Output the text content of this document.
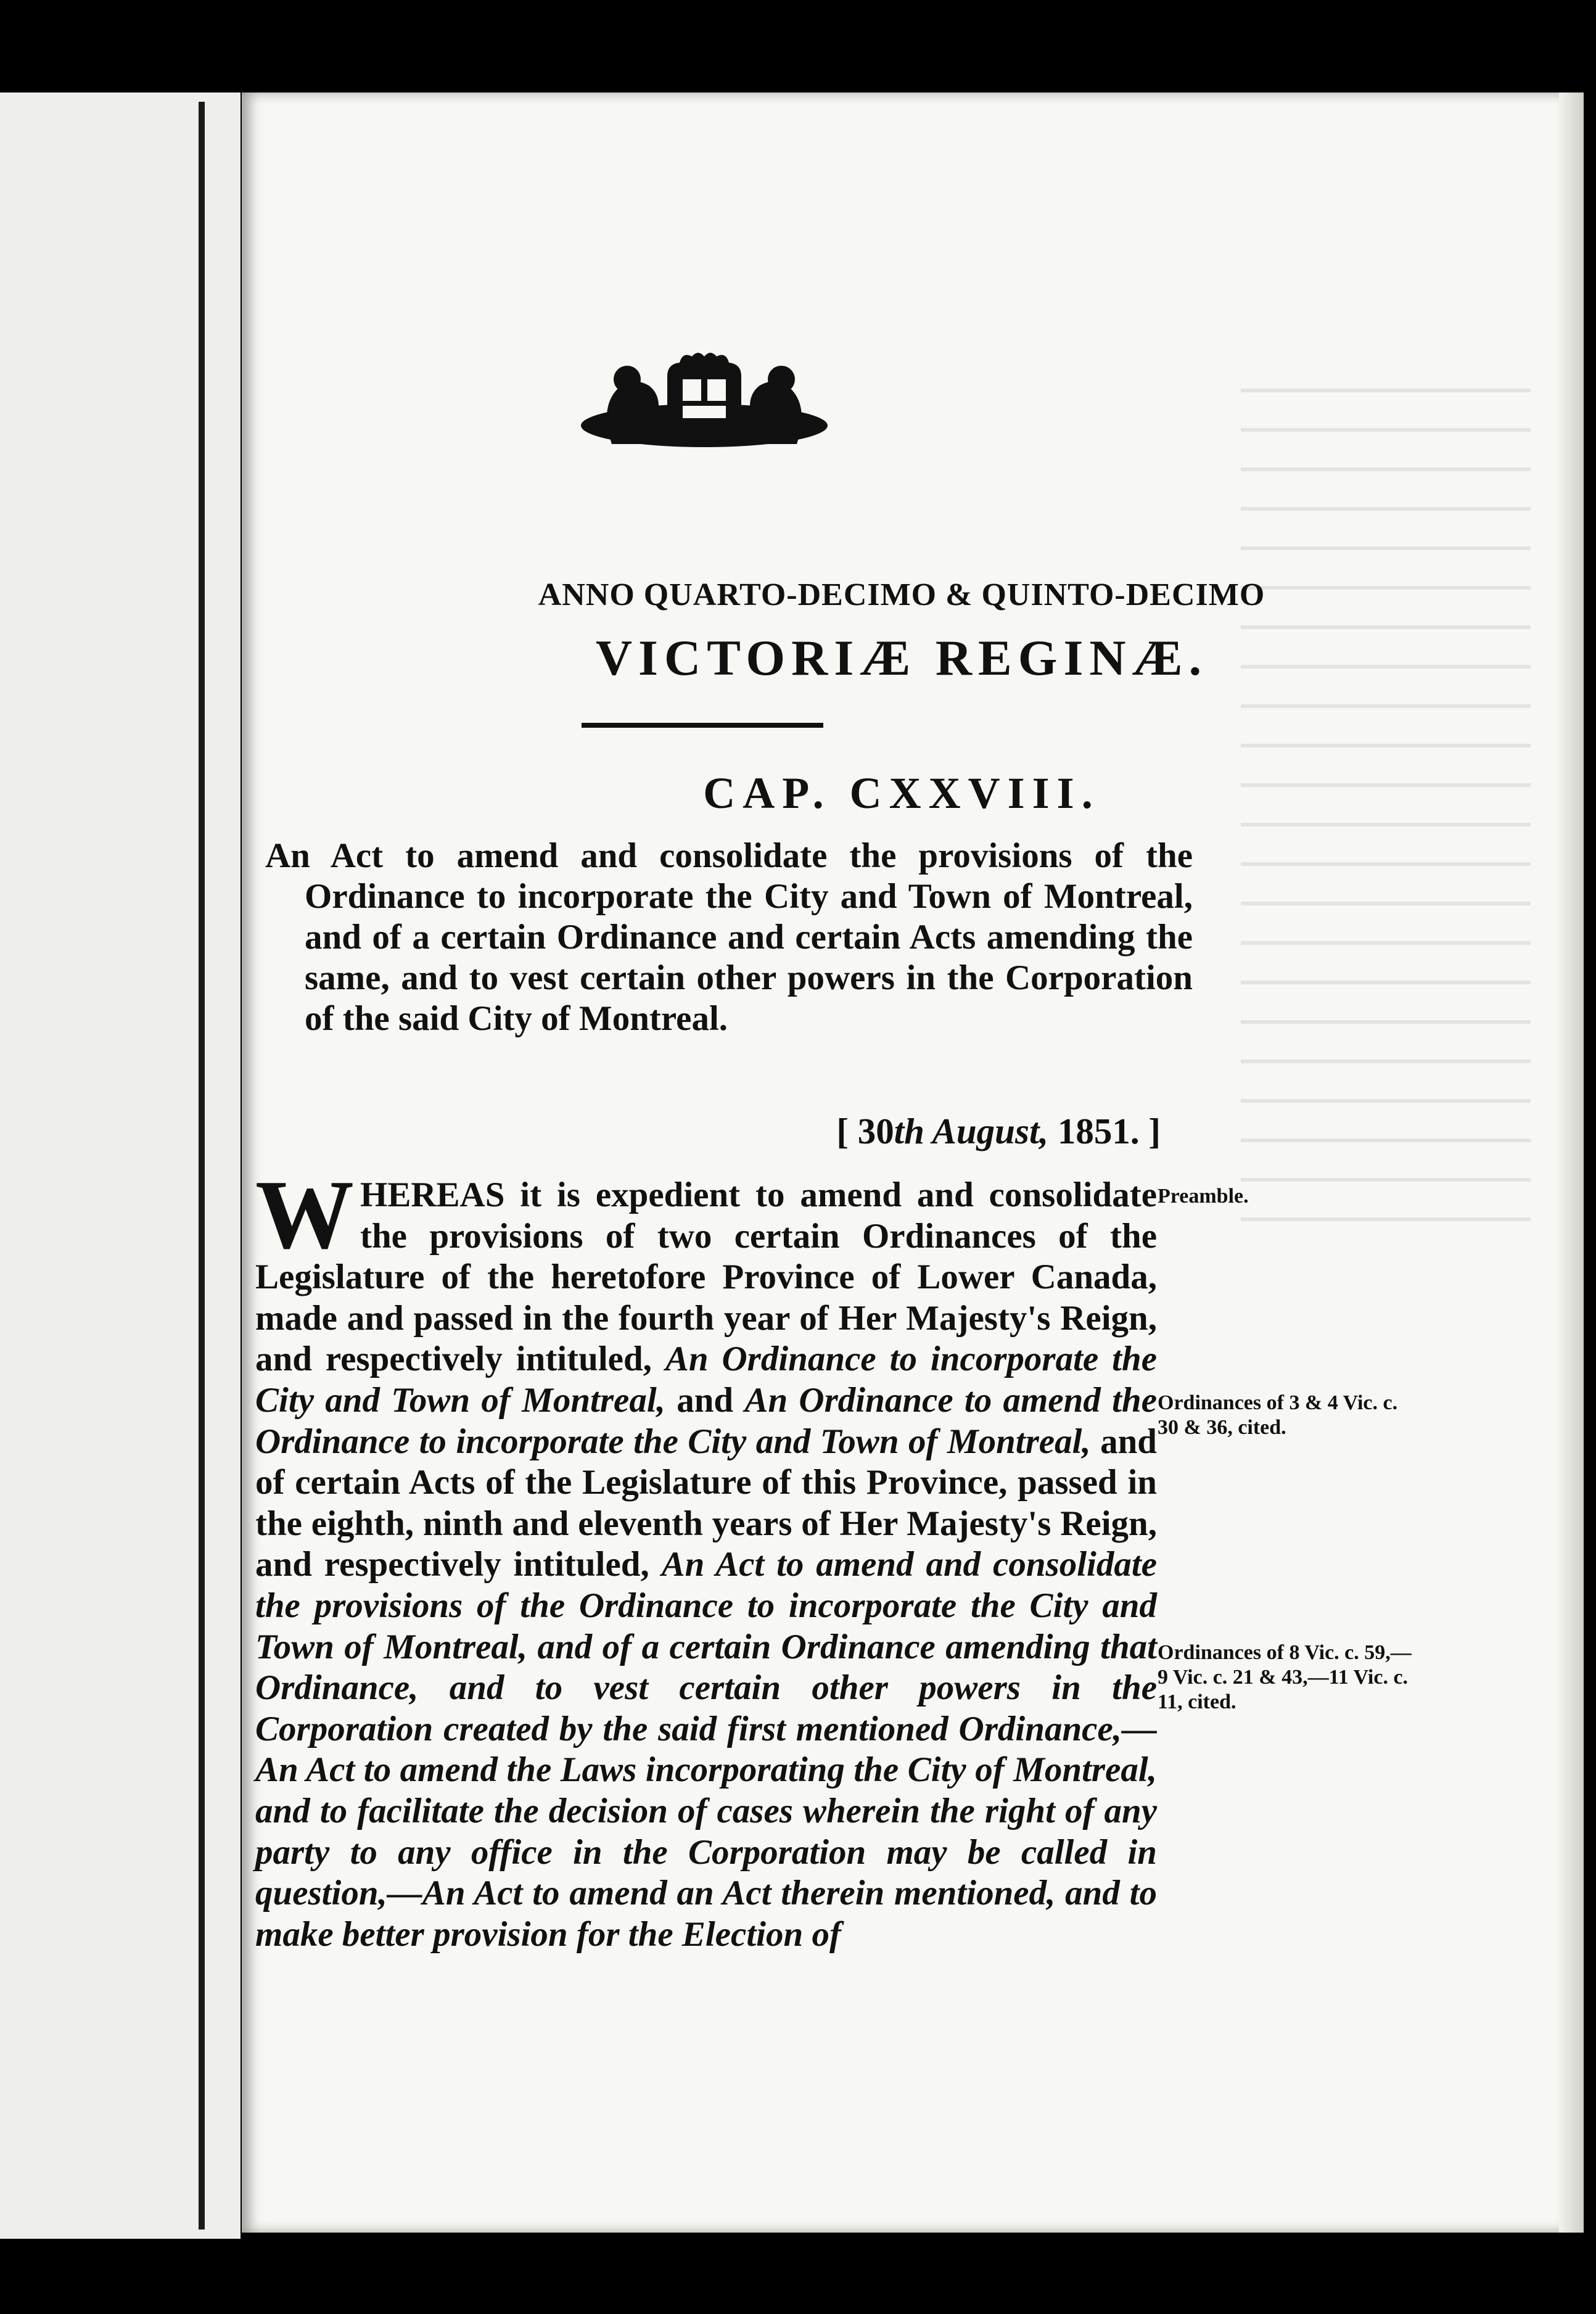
ANNO QUARTO-DECIMO & QUINTO-DECIMO
VICTORIÆ REGINÆ.
CAP. CXXVIII.
An Act to amend and consolidate the provisions of the Ordinance to incorporate the City and Town of Montreal, and of a certain Ordinance and certain Acts amending the same, and to vest certain other powers in the Corporation of the said City of Montreal.
[ 30th August, 1851. ]
WHEREAS it is expedient to amend and consolidate the provisions of two certain Ordinances of the Legislature of the heretofore Province of Lower Canada, made and passed in the fourth year of Her Majesty's Reign, and respectively intituled, An Ordinance to incorporate the City and Town of Montreal, and An Ordinance to amend the Ordinance to incorporate the City and Town of Montreal, and of certain Acts of the Legislature of this Province, passed in the eighth, ninth and eleventh years of Her Majesty's Reign, and respectively intituled, An Act to amend and consolidate the provisions of the Ordinance to incorporate the City and Town of Montreal, and of a certain Ordinance amending that Ordinance, and to vest certain other powers in the Corporation created by the said first mentioned Ordinance,—An Act to amend the Laws incorporating the City of Montreal, and to facilitate the decision of cases wherein the right of any party to any office in the Corporation may be called in question,—An Act to amend an Act therein mentioned, and to make better provision for the Election of
Preamble.
Ordinances of 3 & 4 Vic. c. 30 & 36, cited.
Ordinances of 8 Vic. c. 59,—9 Vic. c. 21 & 43,—11 Vic. c. 11, cited.
